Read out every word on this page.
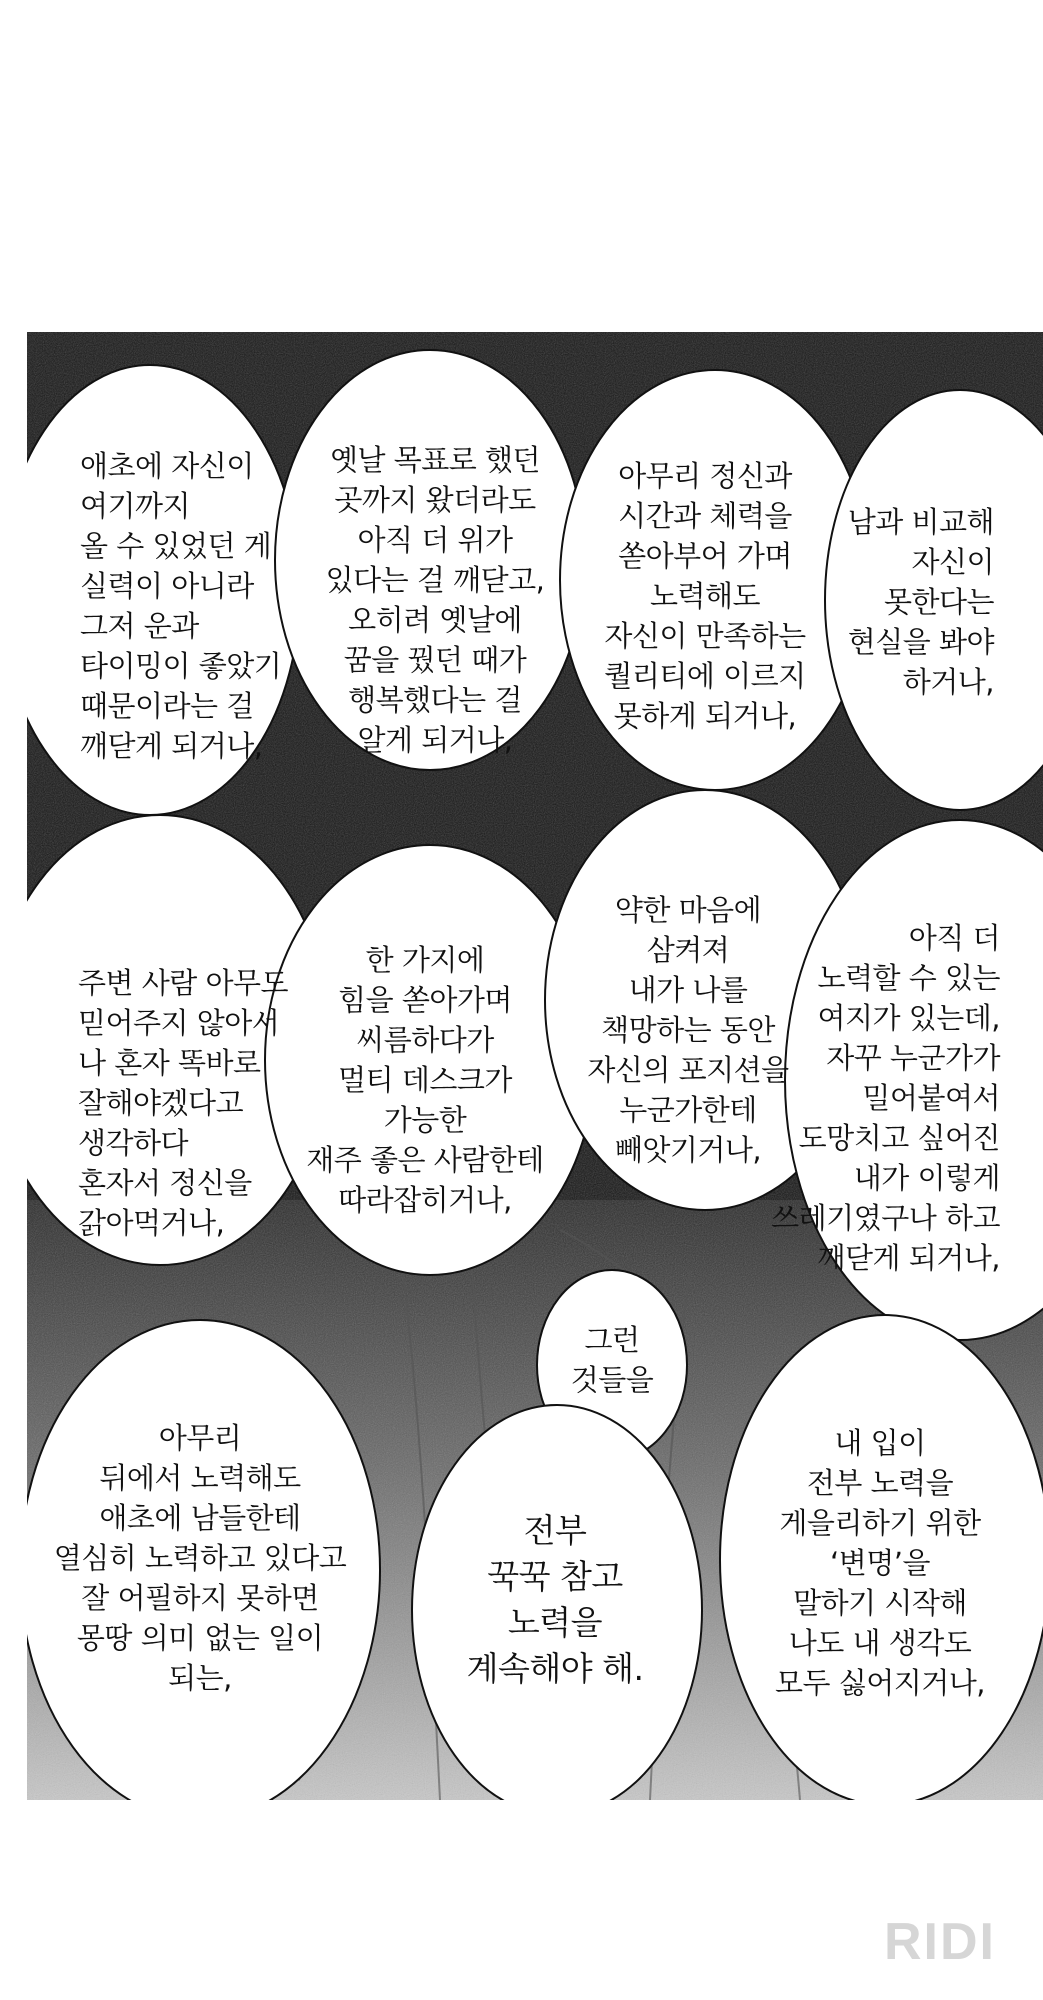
애초에 자신이
여기까지
올 수 있었던 게
실력이 아니라
그저 운과
타이밍이 좋았기
때문이라는 걸
깨닫게 되거나,
옛날 목표로 했던
곳까지 왔더라도
아직 더 위가
있다는 걸 깨닫고,
오히려 옛날에
꿈을 꿨던 때가
행복했다는 걸
알게 되거나,
아무리 정신과
시간과 체력을
쏟아부어 가며
노력해도
자신이 만족하는
퀄리티에 이르지
못하게 되거나,
남과 비교해
자신이
못한다는
현실을 봐야
하거나,
주변 사람 아무도
믿어주지 않아서
나 혼자 똑바로
잘해야겠다고
생각하다
혼자서 정신을
갉아먹거나,
한 가지에
힘을 쏟아가며
씨름하다가
멀티 데스크가
가능한
재주 좋은 사람한테
따라잡히거나,
약한 마음에
삼켜져
내가 나를
책망하는 동안
자신의 포지션을
누군가한테
빼앗기거나,
아직 더
노력할 수 있는
여지가 있는데,
자꾸 누군가가
밀어붙여서
도망치고 싶어진
내가 이렇게
쓰레기였구나 하고
깨닫게 되거나,
아무리
뒤에서 노력해도
애초에 남들한테
열심히 노력하고 있다고
잘 어필하지 못하면
몽땅 의미 없는 일이
되는,
그런
것들을
전부
꾹꾹 참고
노력을
계속해야 해.
내 입이
전부 노력을
게을리하기 위한
‘변명’을
말하기 시작해
나도 내 생각도
모두 싫어지거나,
RIDI
